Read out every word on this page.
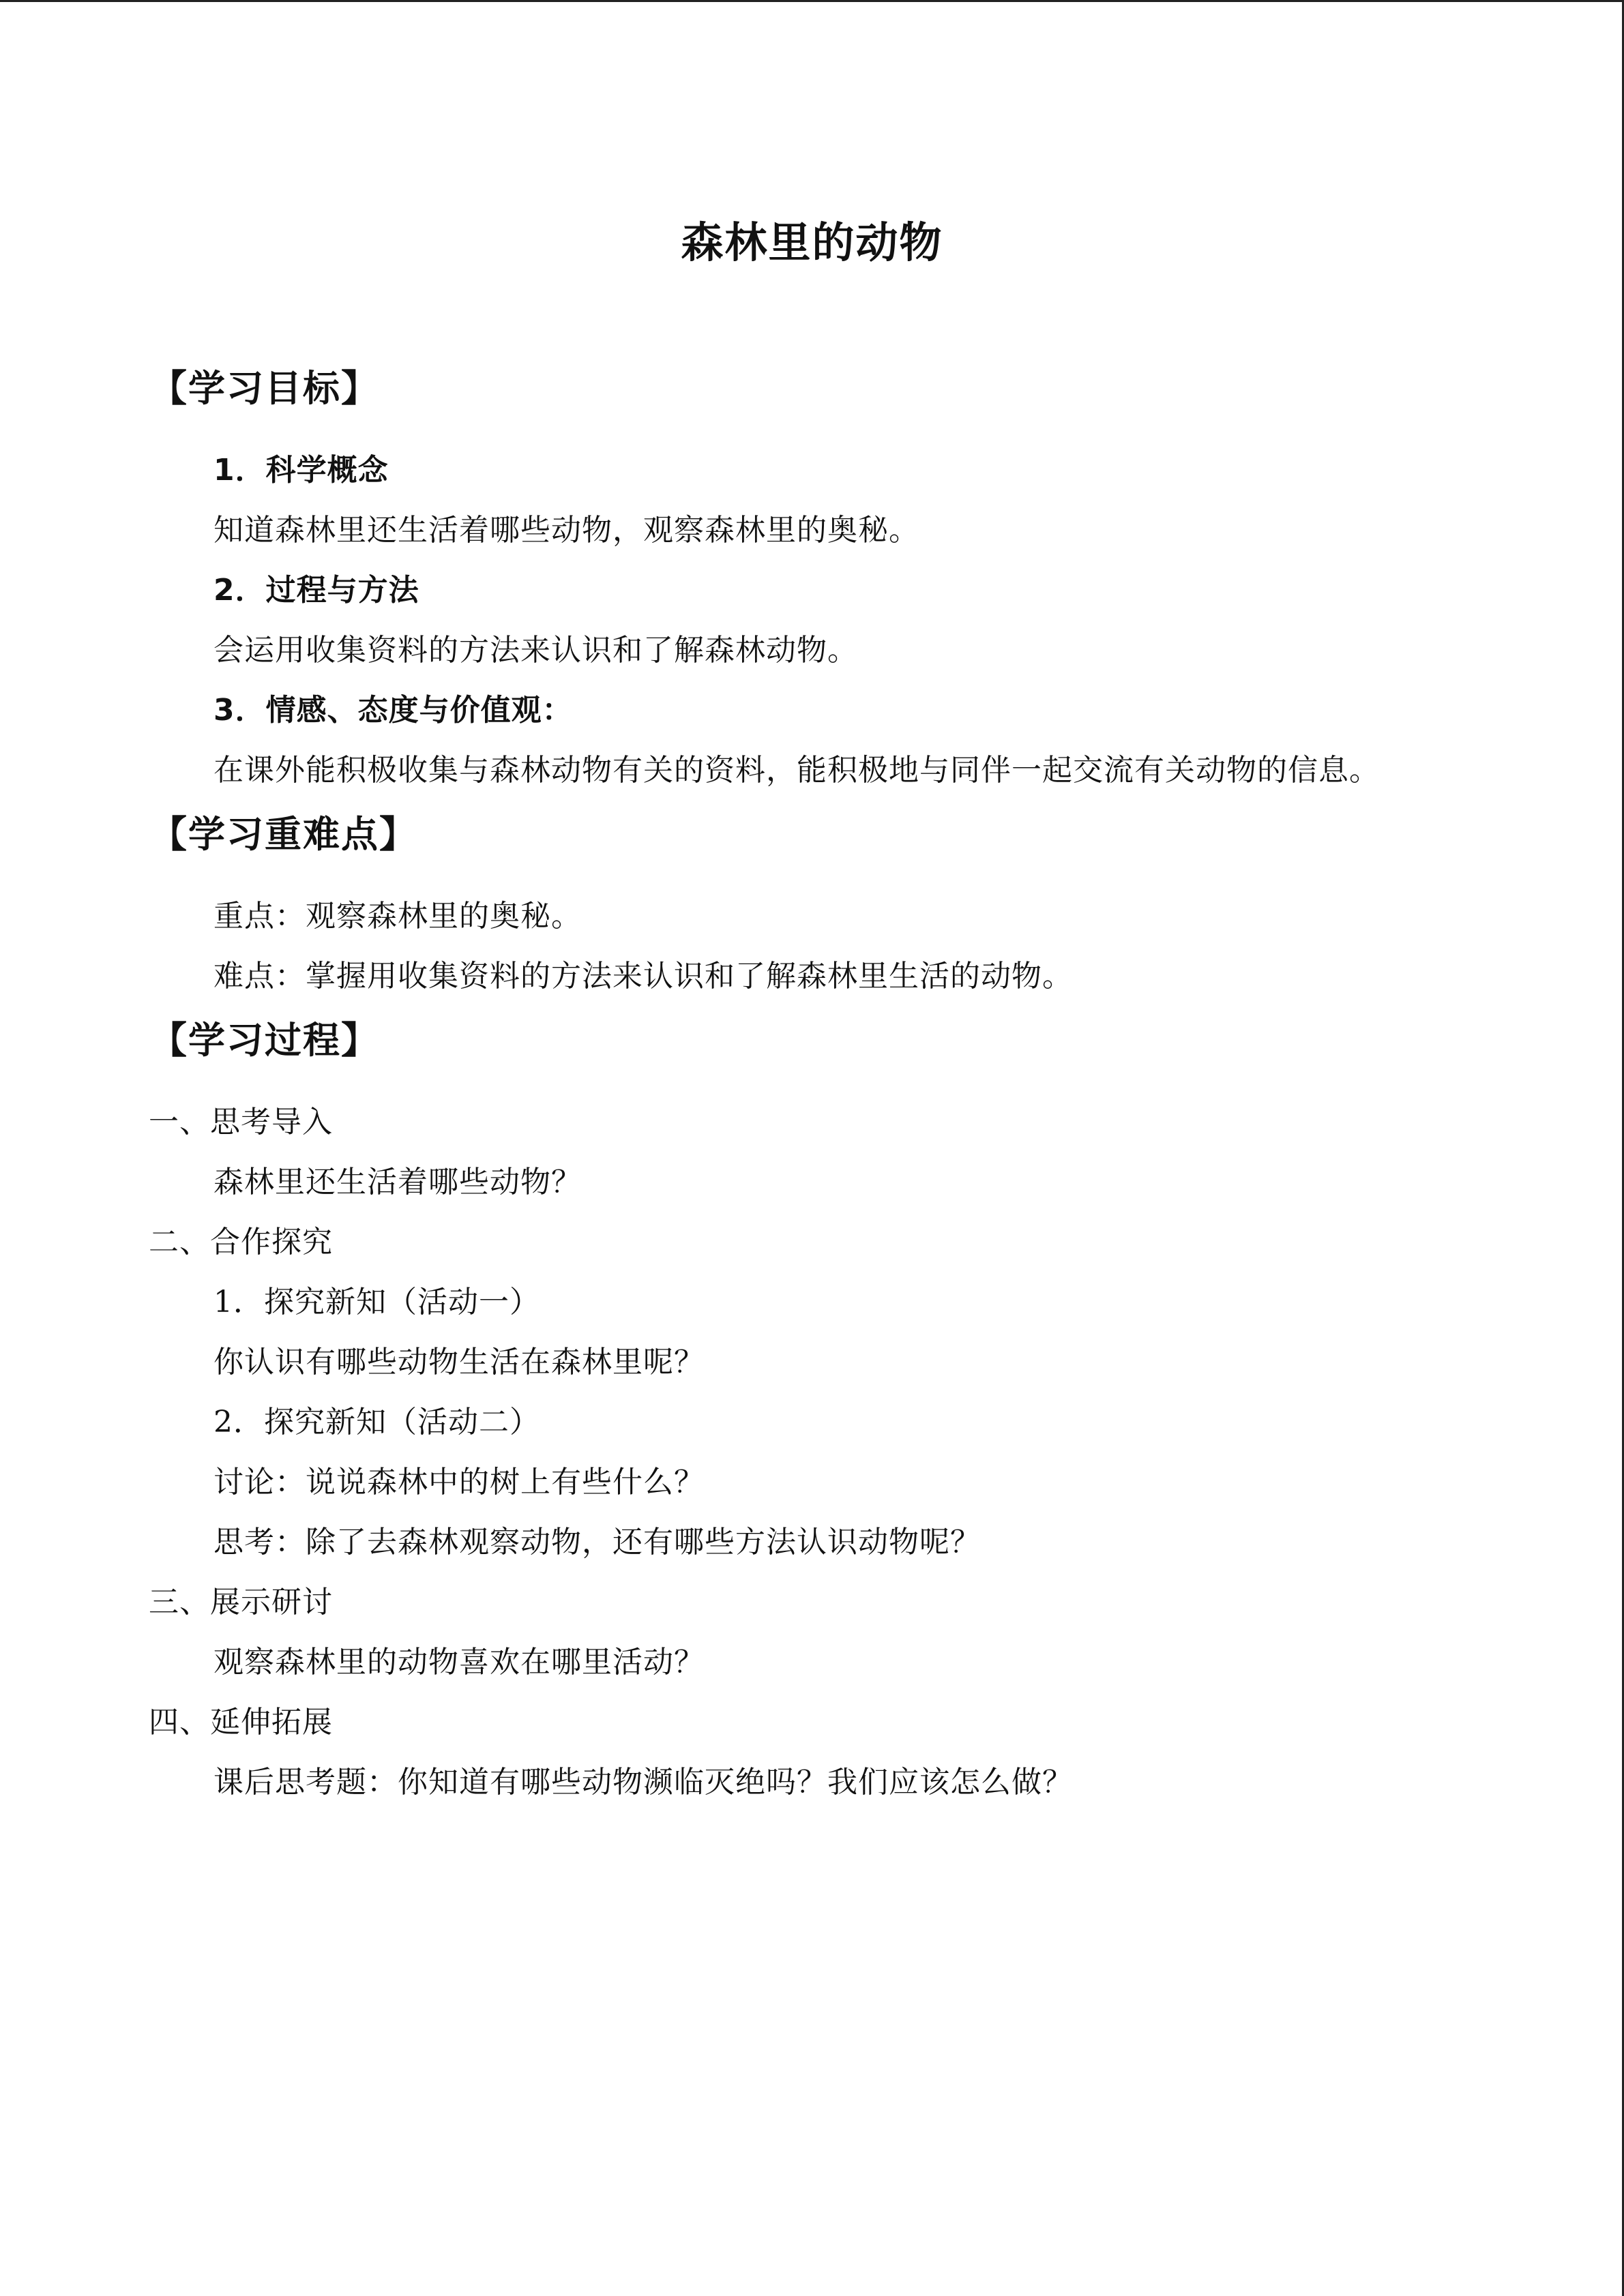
森林里的动物
【学习目标】
1．科学概念
知道森林里还生活着哪些动物，观察森林里的奥秘。
2．过程与方法
会运用收集资料的方法来认识和了解森林动物。
3．情感、态度与价值观：
在课外能积极收集与森林动物有关的资料，能积极地与同伴一起交流有关动物的信息。
【学习重难点】
重点：观察森林里的奥秘。
难点：掌握用收集资料的方法来认识和了解森林里生活的动物。
【学习过程】
一、思考导入
森林里还生活着哪些动物？
二、合作探究
1．探究新知（活动一）
你认识有哪些动物生活在森林里呢？
2．探究新知（活动二）
讨论：说说森林中的树上有些什么？
思考：除了去森林观察动物，还有哪些方法认识动物呢？
三、展示研讨
观察森林里的动物喜欢在哪里活动？
四、延伸拓展
课后思考题：你知道有哪些动物濒临灭绝吗？我们应该怎么做？
